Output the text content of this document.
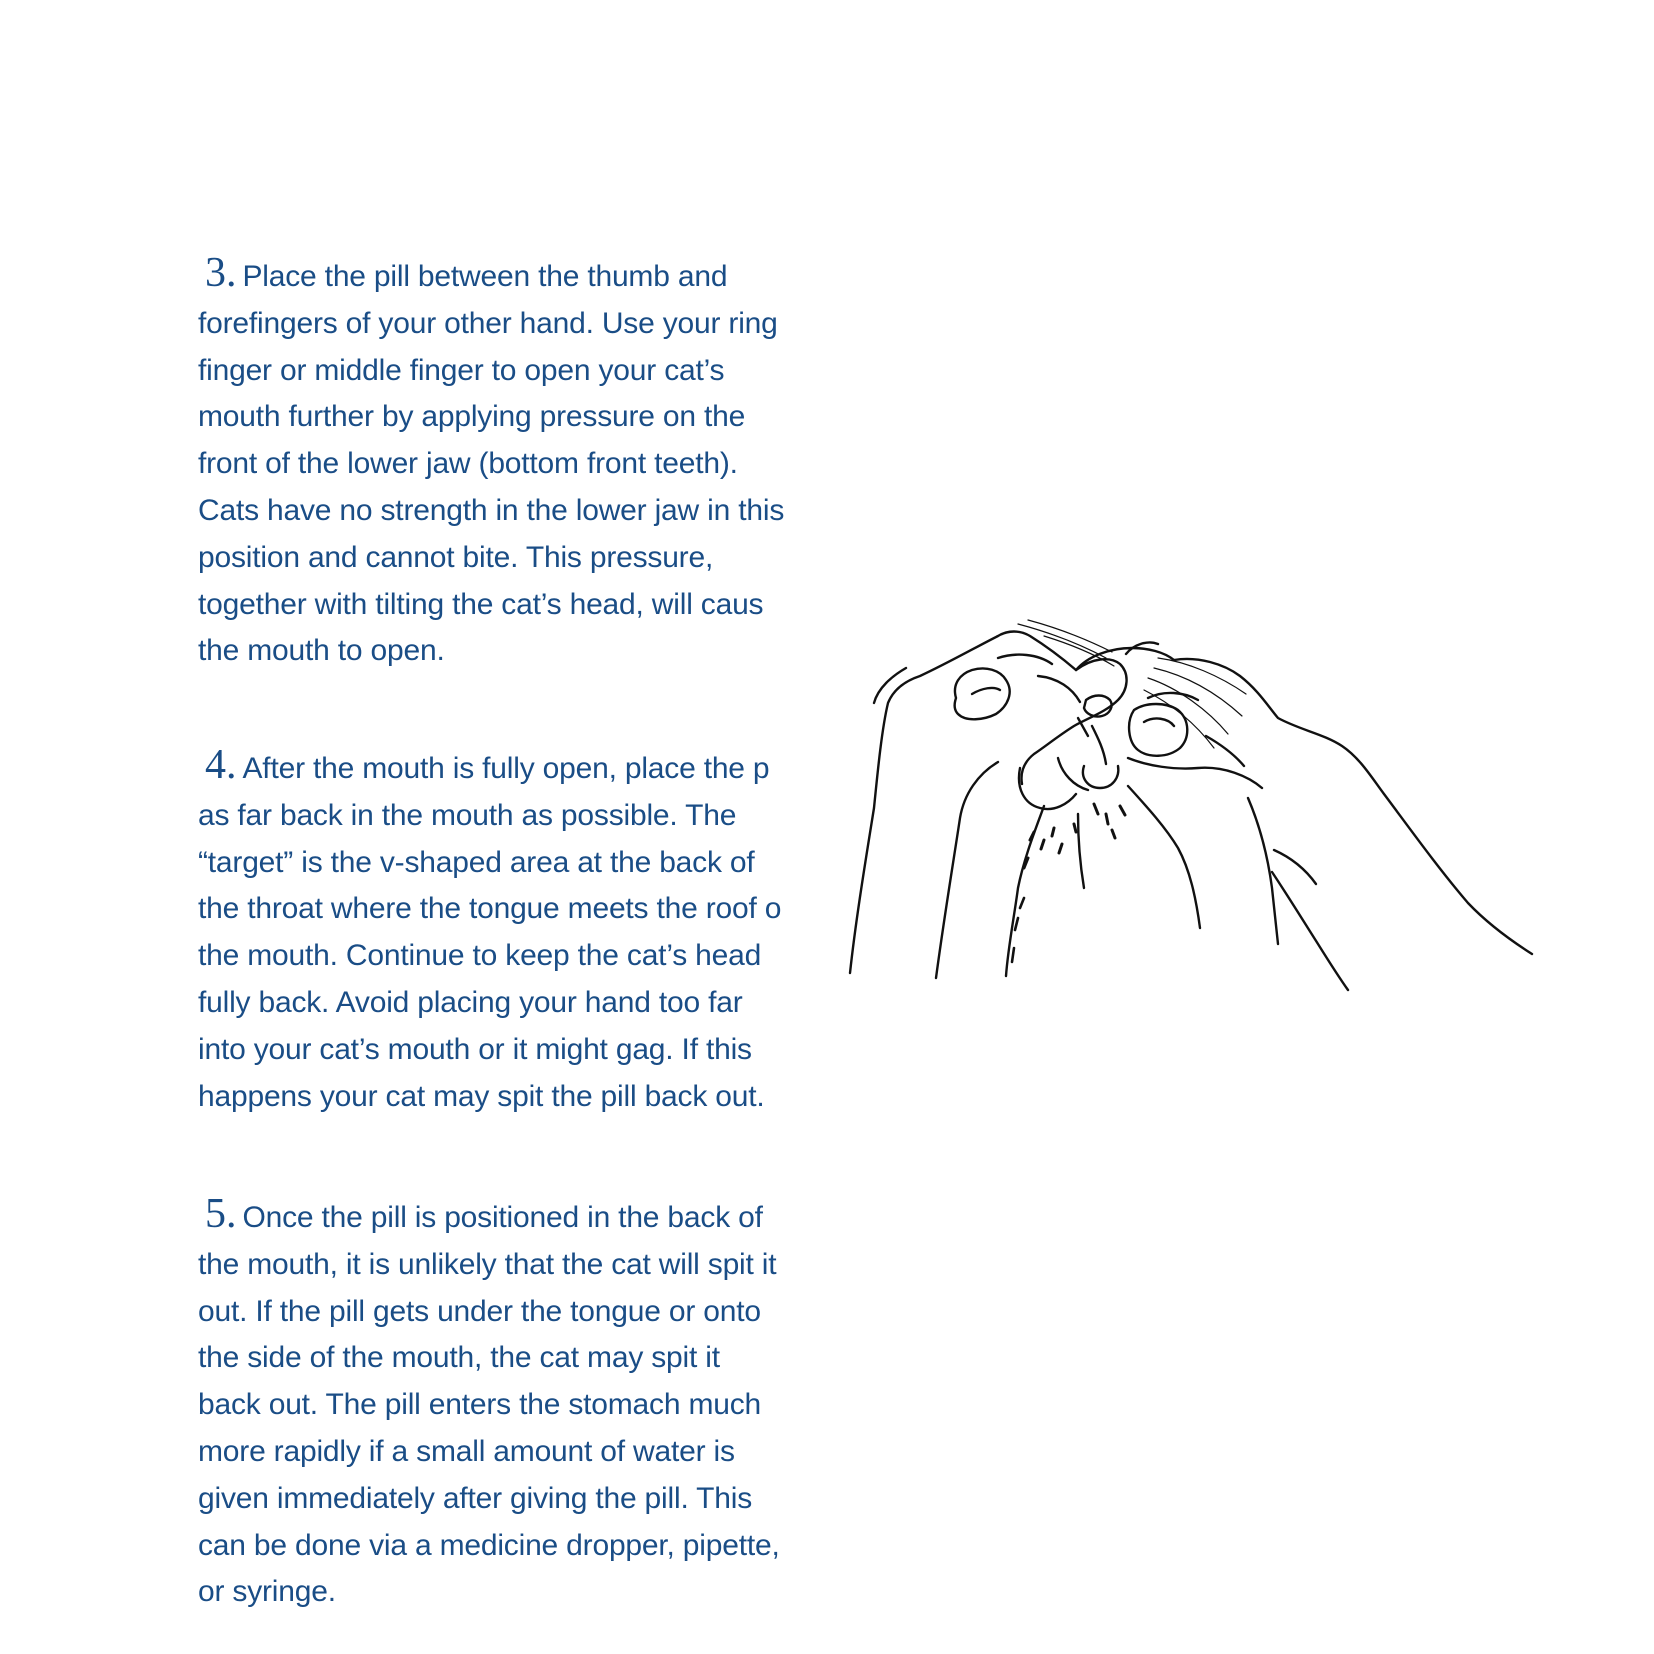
3. Place the pill between the thumb and
forefingers of your other hand. Use your ring
finger or middle finger to open your cat’s
mouth further by applying pressure on the
front of the lower jaw (bottom front teeth).
Cats have no strength in the lower jaw in this
position and cannot bite. This pressure,
together with tilting the cat’s head, will caus
the mouth to open.
4. After the mouth is fully open, place the p
as far back in the mouth as possible. The
“target” is the v-shaped area at the back of
the throat where the tongue meets the roof o
the mouth. Continue to keep the cat’s head
fully back. Avoid placing your hand too far
into your cat’s mouth or it might gag. If this
happens your cat may spit the pill back out.
5. Once the pill is positioned in the back of
the mouth, it is unlikely that the cat will spit it
out. If the pill gets under the tongue or onto
the side of the mouth, the cat may spit it
back out. The pill enters the stomach much
more rapidly if a small amount of water is
given immediately after giving the pill. This
can be done via a medicine dropper, pipette,
or syringe.
